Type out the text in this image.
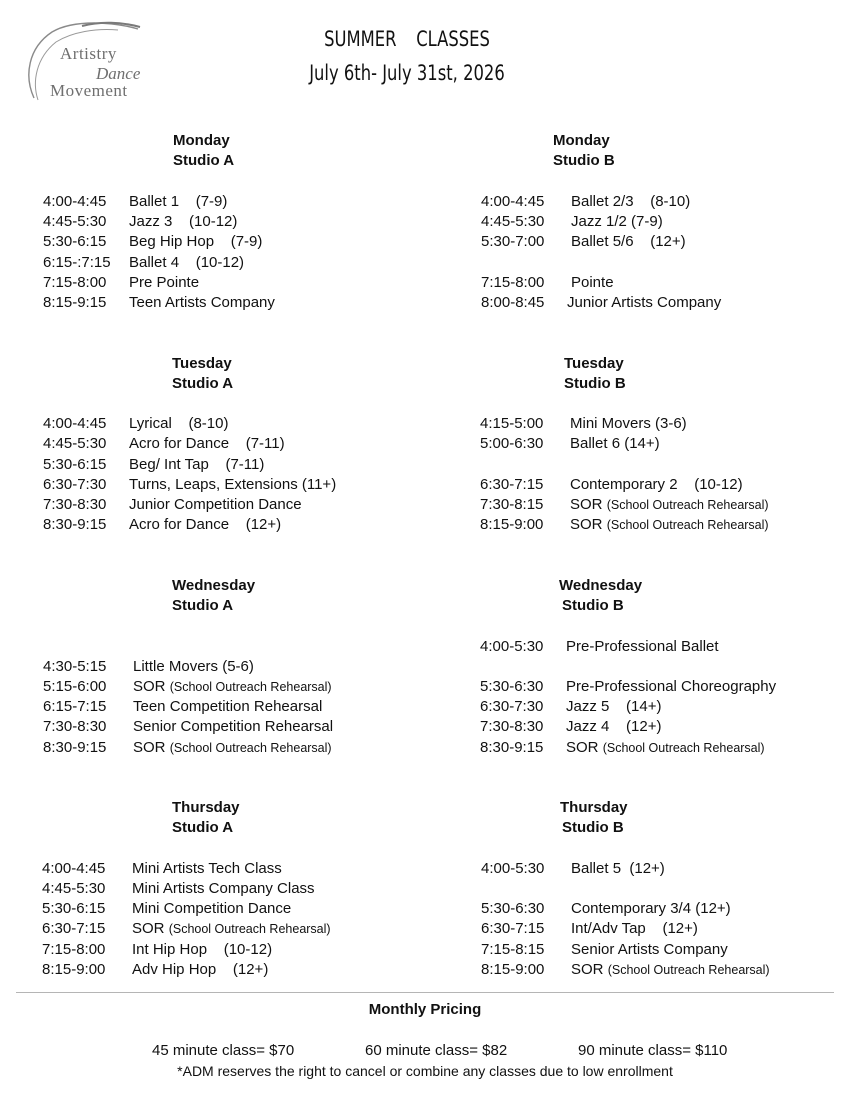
Artistry
Dance
Movement
SUMMER  CLASSES
July 6th- July 31st, 2026
Monday
Studio A
4:00-4:45 Ballet 1    (7-9)
4:45-5:30 Jazz 3    (10-12)
5:30-6:15 Beg Hip Hop    (7-9)
6:15-:7:15 Ballet 4    (10-12)
7:15-8:00 Pre Pointe
8:15-9:15 Teen Artists Company
Monday
Studio B
4:00-4:45 Ballet 2/3    (8-10)
4:45-5:30 Jazz 1/2 (7-9)
5:30-7:00 Ballet 5/6    (12+)
7:15-8:00 Pointe
8:00-8:45 Junior Artists Company
Tuesday
Studio A
4:00-4:45 Lyrical    (8-10)
4:45-5:30 Acro for Dance    (7-11)
5:30-6:15 Beg/ Int Tap    (7-11)
6:30-7:30 Turns, Leaps, Extensions (11+)
7:30-8:30 Junior Competition Dance
8:30-9:15 Acro for Dance    (12+)
Tuesday
Studio B
4:15-5:00 Mini Movers (3-6)
5:00-6:30 Ballet 6 (14+)
6:30-7:15 Contemporary 2    (10-12)
7:30-8:15 SOR (School Outreach Rehearsal)
8:15-9:00 SOR (School Outreach Rehearsal)
Wednesday
Studio A
4:30-5:15 Little Movers (5-6)
5:15-6:00 SOR (School Outreach Rehearsal)
6:15-7:15 Teen Competition Rehearsal
7:30-8:30 Senior Competition Rehearsal
8:30-9:15 SOR (School Outreach Rehearsal)
Wednesday
Studio B
4:00-5:30 Pre-Professional Ballet
5:30-6:30 Pre-Professional Choreography
6:30-7:30 Jazz 5    (14+)
7:30-8:30 Jazz 4    (12+)
8:30-9:15 SOR (School Outreach Rehearsal)
Thursday
Studio A
4:00-4:45 Mini Artists Tech Class
4:45-5:30 Mini Artists Company Class
5:30-6:15 Mini Competition Dance
6:30-7:15 SOR (School Outreach Rehearsal)
7:15-8:00 Int Hip Hop    (10-12)
8:15-9:00 Adv Hip Hop    (12+)
Thursday
Studio B
4:00-5:30 Ballet 5  (12+)
5:30-6:30 Contemporary 3/4 (12+)
6:30-7:15 Int/Adv Tap    (12+)
7:15-8:15 Senior Artists Company
8:15-9:00 SOR (School Outreach Rehearsal)
Monthly Pricing
45 minute class= $70	60 minute class= $82	90 minute class= $110
*ADM reserves the right to cancel or combine any classes due to low enrollment
